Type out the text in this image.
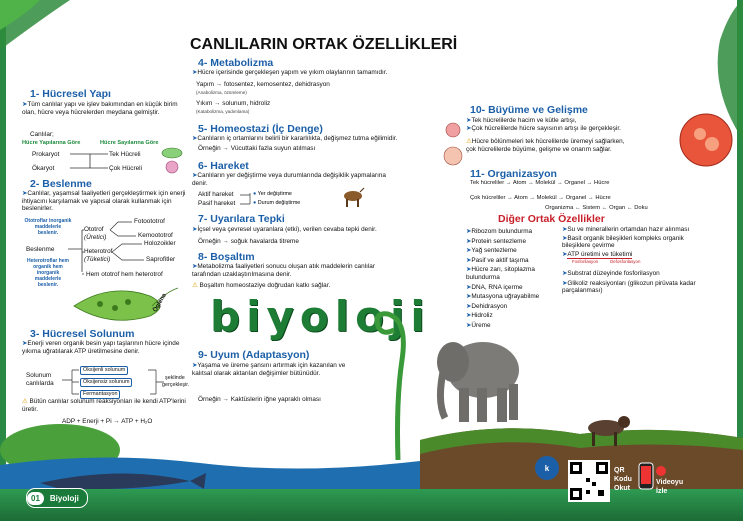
CANLILARIN ORTAK ÖZELLİKLERİ
1- Hücresel Yapı
➤Tüm canlılar yapı ve işlev bakımından en küçük birim olan, hücre veya hücrelerden meydana gelmiştir.
Canlılar;
Hücre Yapılarına Göre	Hücre Sayılarına Göre
Prokaryot
Ökaryot
Tek Hücreli
Çok Hücreli
2- Beslenme
➤Canlılar, yaşamsal faaliyetleri gerçekleştirmek için enerji ihtiyacını karşılamak ve yapısal olarak kullanmak için beslenirler.
Ototroflar inorganik maddelerle beslenir.
Heterotroflar hem organik hem inorganik maddelerle beslenir.
Beslenme
Ototrof
(Üretici)
Heterotrof
(Tüketici)
Fotoototrof
Kemoototrof
Holozoikler
Saprofitler
Hem ototrof hem heterotrof
Öglena
3- Hücresel Solunum
➤Enerji veren organik besin yapı taşlarının hücre içinde yıkıma uğratılarak ATP üretilmesine denir.
Solunum
canlılarda
Oksijenli solunum
Oksijensiz solunum
Fermantasyon
şeklinde
gerçekleşir.
⚠ Bütün canlılar solunum reaksiyonları ile kendi ATP'lerini üretir.
ADP + Enerji + Pi → ATP + H₂O
4- Metabolizma
➤Hücre içerisinde gerçekleşen yapım ve yıkım olaylarının tamamıdır.
Yapım → fotosentez, kemosentez, dehidrasyon
(Anabolizma, özümleme)
Yıkım → solunum, hidroliz
(Katabolizma, yadımlama)
5- Homeostazi (İç Denge)
➤Canlıların iç ortamlarını belirli bir kararlılıkta, değişmez tutma eğilimidir.
Örneğin → Vücuttaki fazla suyun atılması
6- Hareket
➤Canlıların yer değiştirme veya durumlarında değişiklik yapmalarına denir.
Aktif hareket
Pasif hareket
● Yer değiştirme
● Durum değiştirme
7- Uyarılara Tepki
➤İçsel veya çevresel uyaranlara (etki), verilen cevaba tepki denir.
Örneğin → soğuk havalarda titreme
8- Boşaltım
➤Metabolizma faaliyetleri sonucu oluşan atık maddelerin canlılar tarafından uzaklaştırılmasına denir.
⚠ Boşaltım homeostaziye doğrudan katkı sağlar.
biyoloji
9- Uyum (Adaptasyon)
➤Yaşama ve üreme şansını artırmak için kazanılan ve kalıtsal olarak aktarılan değişimler bütünüdür.
Örneğin → Kaktüslerin iğne yapraklı olması
10- Büyüme ve Gelişme
➤Tek hücrelilerde hacim ve kütle artışı,
➤Çok hücrelilerde hücre sayısının artışı ile gerçekleşir.
⚠Hücre bölünmeleri tek hücrelilerde üremeyi sağlarken, çok hücrelilerde büyüme, gelişme ve onarım sağlar.
11- Organizasyon
Tek hücreliler → Atom → Molekül → Organel → Hücre
Çok hücreliler → Atom → Molekül → Organel → Hücre
Organizma ← Sistem ← Organ ← Doku
Diğer Ortak Özellikler
➤Ribozom bulundurma
➤Protein sentezleme
➤Yağ sentezleme
➤Pasif ve aktif taşıma
➤Hücre zarı, sitoplazma bulundurma
➤DNA, RNA içerme
➤Mutasyona uğrayabilme
➤Dehidrasyon
➤Hidroliz
➤Üreme
➤Su ve minerallerin ortamdan hazır alınması
➤Basit organik bileşikleri kompleks organik bileşiklere çevirme
➤ATP üretimi ve tüketimi
Fosforilasyon	Defosforilasyon
➤Substrat düzeyinde fosforilasyon
➤Glikoliz reaksiyonları (glikozun pirüvata kadar parçalanması)
01	Biyoloji
k	QR
Kodu
Okut
Videoyu
İzle
